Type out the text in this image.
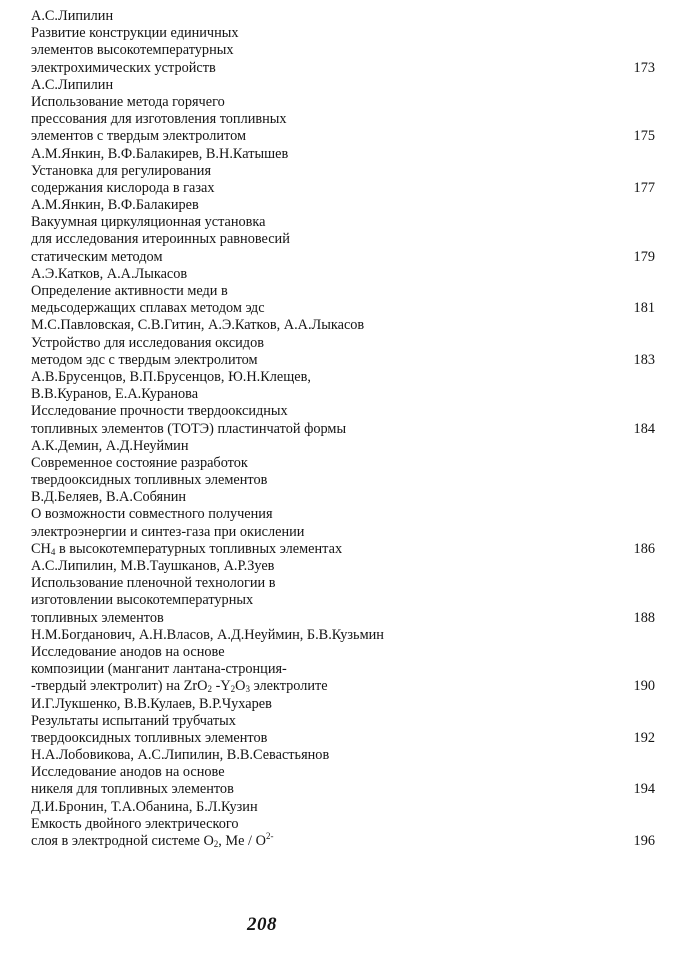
А.С.Липилин
Развитие конструкции единичных
элементов высокотемпературных
электрохимических устройств	173
А.С.Липилин
Использование метода горячего
прессования для изготовления топливных
элементов с твердым электролитом	175
А.М.Янкин, В.Ф.Балакирев, В.Н.Катышев
Установка для регулирования
содержания кислорода в газах	177
А.М.Янкин, В.Ф.Балакирев
Вакуумная циркуляционная установка
для исследования итероинных равновесий
статическим методом	179
А.Э.Катков, А.А.Лыкасов
Определение активности меди в
медьсодержащих сплавах методом эдс	181
М.С.Павловская, С.В.Гитин, А.Э.Катков, А.А.Лыкасов
Устройство для исследования оксидов
методом эдс с твердым электролитом	183
А.В.Брусенцов, В.П.Брусенцов, Ю.Н.Клещев,
В.В.Куранов, Е.А.Куранова
Исследование прочности твердооксидных
топливных элементов (ТОТЭ) пластинчатой формы	184
А.К.Демин, А.Д.Неуймин
Современное состояние разработок
твердооксидных топливных элементов
В.Д.Беляев, В.А.Собянин
О возможности совместного получения
электроэнергии и синтез-газа при окислении
$CH_4$ в высокотемпературных топливных элементах	186
А.С.Липилин, М.В.Таушканов, А.Р.Зуев
Использование пленочной технологии в
изготовлении высокотемпературных
топливных элементов	188
Н.М.Богданович, А.Н.Власов, А.Д.Неуймин, Б.В.Кузьмин
Исследование анодов на основе
композиции (манганит лантана-стронция-
-твердый электролит) на ZrO$_2$ $-Y_2O_3$ электролите	190
И.Г.Лукшенко, В.В.Кулаев, В.Р.Чухарев
Результаты испытаний трубчатых
твердооксидных топливных элементов	192
Н.А.Лобовикова, А.С.Липилин, В.В.Севастьянов
Исследование анодов на основе
никеля для топливных элементов	194
Д.И.Бронин, Т.А.Обанина, Б.Л.Кузин
Емкость двойного электрического
слоя в электродной системе $O_2$, Me / $O^{2-}$	196
208
